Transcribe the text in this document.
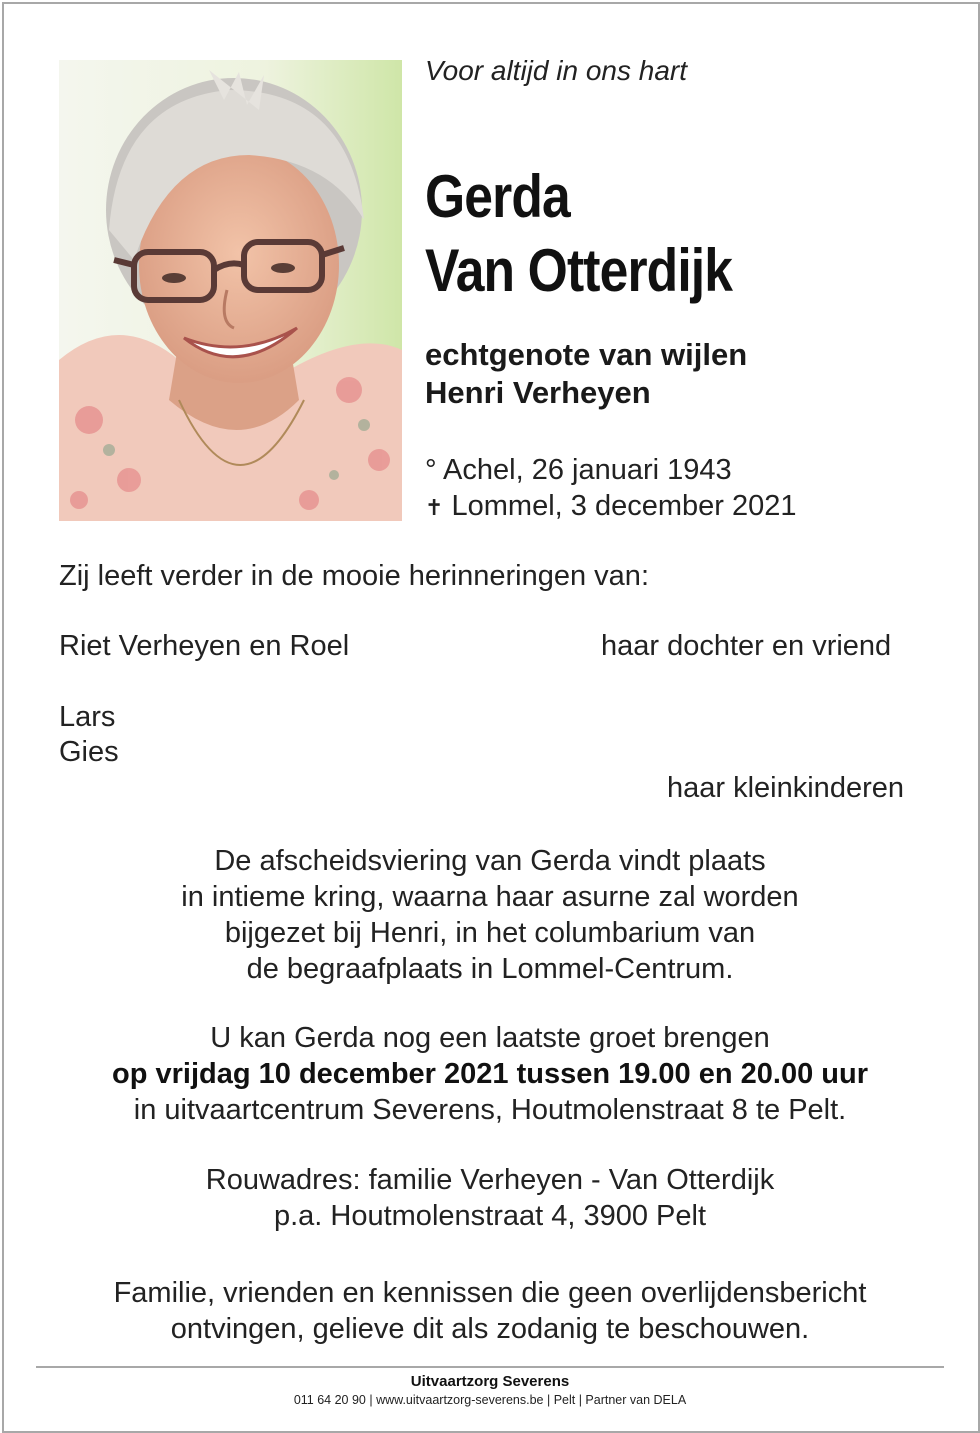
Voor altijd in ons hart
Gerda
Van Otterdijk
echtgenote van wijlen
Henri Verheyen
° Achel, 26 januari 1943
✝ Lommel, 3 december 2021
Zij leeft verder in de mooie herinneringen van:
Riet Verheyen en Roel	haar dochter en vriend
Lars
Gies
haar kleinkinderen
De afscheidsviering van Gerda vindt plaats
in intieme kring, waarna haar asurne zal worden
bijgezet bij Henri, in het columbarium van
de begraafplaats in Lommel-Centrum.
U kan Gerda nog een laatste groet brengen
op vrijdag 10 december 2021 tussen 19.00 en 20.00 uur
in uitvaartcentrum Severens, Houtmolenstraat 8 te Pelt.
Rouwadres: familie Verheyen - Van Otterdijk
p.a. Houtmolenstraat 4, 3900 Pelt
Familie, vrienden en kennissen die geen overlijdensbericht
ontvingen, gelieve dit als zodanig te beschouwen.
Uitvaartzorg Severens
011 64 20 90 | www.uitvaartzorg-severens.be | Pelt | Partner van DELA
